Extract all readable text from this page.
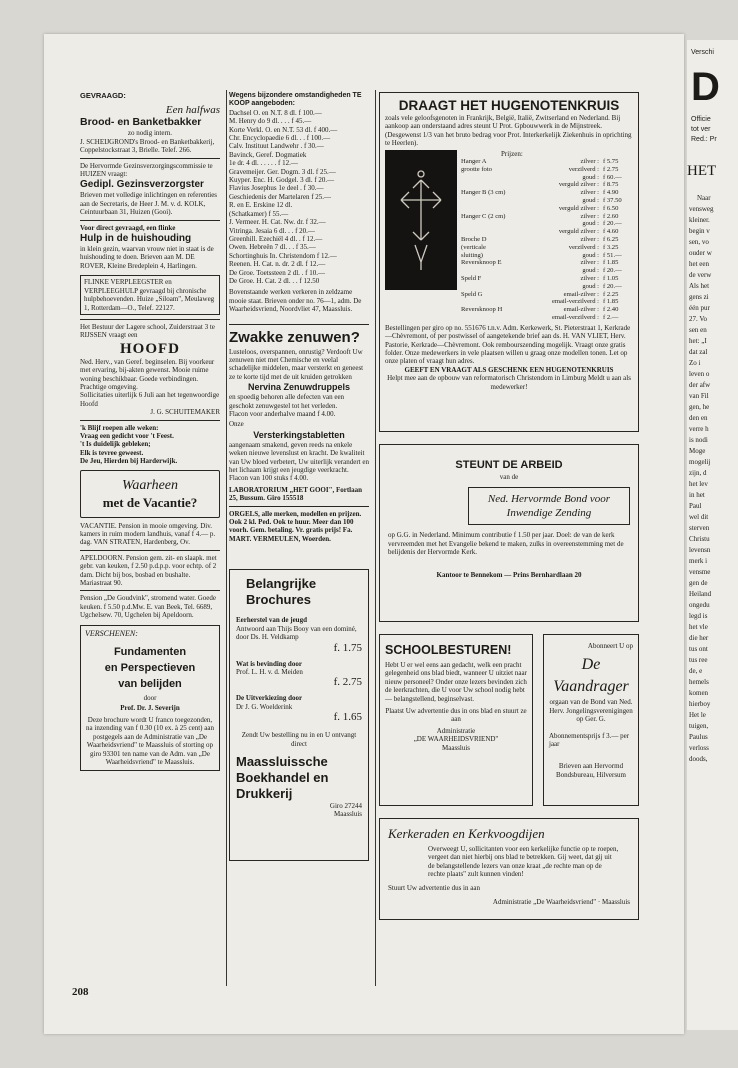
GEVRAAGD:

Een halfwas

Brood- en Banketbakker

zo nodig intern.

J. SCHEIJGROND's Brood- en Banketbakkerij, Coppelstockstraat 3, Brielle. Telef. 266.

De Hervormde Gezinsverzorgingscommissie te HUIZEN vraagt:

Gedipl. Gezinsverzorgster

Brieven met volledige inlichtingen en referenties aan de Secretaris, de Heer J. M. v. d. KOLK, Ceintuurbaan 31, Huizen (Gooi).

Voor direct gevraagd, een flinke

Hulp in de huishouding

in klein gezin, waarvan vrouw niet in staat is de huishouding te doen. Brieven aan M. DE ROVER, Kleine Bredeplein 4, Harlingen.

FLINKE VERPLEEGSTER en VERPLEEGHULP gevraagd bij chronische hulpbehoevenden. Huize „Siloam", Meulaweg 1, Rotterdam—O., Telef. 22127.

Het Bestuur der Lagere school, Zuiderstraat 3 te RIJSSEN vraagt een

HOOFD

Ned. Herv., van Geref. beginselen. Bij voorkeur met ervaring, bij-akten gewenst. Mooie ruime woning beschikbaar. Goede verbindingen. Prachtige omgeving.

Sollicitaties uiterlijk 6 Juli aan het tegenwoordige Hoofd

J. G. SCHUITEMAKER

'k Blijf roepen alle weken:

Vraag een gedicht voor 't Feest.

't Is duidelijk gebleken;

Elk is tevree geweest.

De Jeu, Hierden bij Harderwijk.

Waarheen

met de Vacantie?

VACANTIE. Pension in mooie omgeving. Div. kamers in ruim modern landhuis, vanaf f 4.— p. dag. VAN STRATEN, Hardenberg, Ov.

APELDOORN. Pension gem. zit- en slaapk. met gebr. van keuken, f 2.50 p.d.p.p. voor echtp. of 2 dam. Dicht bij bos, bosbad en bushalte. Mariastraat 90.

Pension „De Goudvink", stromend water. Goede keuken. f 5.50 p.d.Mw. E. van Beek, Tel. 6689, Ugchelsew. 70, Ugchelen bij Apeldoorn.

VERSCHENEN:

Fundamenten

en Perspectieven

van belijden

door

Prof. Dr. J. Severijn

Deze brochure wordt U franco toegezonden, na inzending van f 0.30 (10 ex. à 25 cent) aan postgegels aan de Administratie van „De Waarheidsvriend" te Maassluis of storting op giro 93301 ten name van de Adm. van „De Waarheidsvriend" te Maassluis.

Wegens bijzondere omstandigheden TE KOOP aangeboden:

Dachsel O. en N.T. 8 dl. f 100.—

M. Henry do 9 dl. . . . f 45.—

Korte Verkl. O. en N.T. 53 dl. f 400.—

Chr. Encyclopaedie 6 dl. . . f 100.—

Calv. Instituut Landwehr . f 30.—

Bavinck, Geref. Dogmatiek

1e dr. 4 dl. . . . . . f 12.—

Gravemeijer. Ger. Dogm. 3 dl. f 25.—

Kuyper. Enc. H. Godgel. 3 dl. f 20.—

Flavius Josephus 1e deel . f 30.—

Geschiedenis der Martelaren f 25.—

R. en E. Erskine 12 dl.

(Schatkamer) f 55.—

J. Vermeer. H. Cat. Nw. dr. f 32.—

Vitringa. Jesaia 6 dl. . . f 20.—

Greenhill. Ezechiël 4 dl. . f 12.—

Owen. Hebreën 7 dl. . . f 35.—

Schortinghuis In. Christendom f 12.—

Reenen. H. Cat. n. dr. 2 dl. f 12.—

De Groe. Toetssteen 2 dl. . f 10.—

De Groe. H. Cat. 2 dl. . . f 12.50

Bovenstaande werken verkeren in zeldzame mooie staat. Brieven onder no. 76—1, adm. De Waarheidsvriend, Noordvliet 47, Maassluis.

Zwakke zenuwen?

Lusteloos, overspannen, onrustig? Verdooft Uw zenuwen niet met Chemische en veelal schadelijke middelen, maar versterkt en geneest ze te korte tijd met de uit kruiden getrokken

Nervina Zenuwdruppels

en spoedig behoren alle defecten van een geschokt zenuwgestel tot het verleden.

Flacon voor anderhalve maand f 4.00.

Onze

Versterkingstabletten

aangenaam smakend, geven reeds na enkele weken nieuwe levenslust en kracht. De kwaliteit van Uw bloed verbetert, Uw uiterlijk verandert en het lichaam krijgt een jeugdige veerkracht.

Flacon van 100 stuks f 4.00.

LABORATORIUM „HET GOOI", Fortlaan 25, Bussum. Giro 155518

ORGELS, alle merken, modellen en prijzen. Ook 2 kl. Ped. Ook te huur. Meer dan 100 voorh. Gem. betaling. Vr. gratis prijs! Fa. MART. VERMEULEN, Woerden.

Belangrijke

Brochures

Eerherstel van de jeugd

Antwoord aan Thijs Booy van een dominé, door Ds. H. Veldkamp

f. 1.75

Wat is bevinding door

Prof. L. H. v. d. Meiden

f. 2.75

De Uitverkiezing door

Dr J. G. Woelderink

f. 1.65

Zendt Uw bestelling nu in en U ontvangt direct

Maassluissche

Boekhandel en

Drukkerij

Giro 27244

Maassluis

DRAAGT HET HUGENOTENKRUIS

zoals vele geloofsgenoten in Frankrijk, België, Italië, Zwitserland en Nederland. Bij aankoop aan onderstaand adres steunt U Prot. Gpbouwwerk in de Mijnstreek. (Desgewenst 1/3 van het bruto bedrag voor Prot. Interkerkelijk Ziekenhuis in oprichting te Heerlen).

Prijzen:

Hanger A	zilver : f 5.75
grootte foto	verzilverd : f 2.75
goud : f 60.—
verguld zilver : f 8.75
Hanger B (3 cm)	zilver : f 4.90
goud : f 37.50
verguld zilver : f 6.50
Hanger C (2 cm)	zilver : f 2.60
goud : f 20.—
verguld zilver : f 4.60
Broche D	zilver : f 6.25
(verticale	verzilverd : f 3.25
sluiting)	goud : f 51.—
Reversknoop E	zilver : f 1.85
goud : f 20.—
Speld F	zilver : f 1.05
goud : f 20.—
Speld G	email-zilver : f 2.25
email-verzilverd : f 1.85
Reversknoop H	email-zilver : f 2.40
email-verzilverd : f 2.—

Bestellingen per giro op no. 551676 t.n.v. Adm. Kerkewerk, St. Pieterstraat 1, Kerkrade—Chèvremont, of per postwissel of aangetekende brief aan ds. H. VAN VLIET, Herv. Pastorie, Kerkrade—Chèvremont. Ook rembourszending mogelijk. Vraagt onze gratis folder. Onze medewerkers in vele plaatsen willen u graag onze modellen tonen. Let op onze platen of vraagt hun adres.

GEEFT EN VRAAGT ALS GESCHENK EEN HUGENOTENKRUIS

Helpt mee aan de opbouw van reformatorisch Christendom in Limburg Meldt u aan als medewerker!

STEUNT DE ARBEID

van de

Ned. Hervormde Bond voor Inwendige Zending

op G.G. in Nederland. Minimum contributie f 1.50 per jaar. Doel: de van de kerk vervreemden met het Evangelie bekend te maken, zulks in overeenstemming met de belijdenis der Hervormde Kerk.

Kantoor te Bennekom — Prins Bernhardlaan 20

SCHOOLBESTUREN!

Hebt U er wel eens aan gedacht, welk een pracht gelegenheid ons blad biedt, wanneer U uitziet naar nieuw personeel? Onder onze lezers bevinden zich de leerkrachten, die U voor Uw school nodig hebt — belangstellend, beginselvast.

Plaatst Uw advertentie dus in ons blad en stuurt ze aan

Administratie

„DE WAARHEIDSVRIEND"

Maassluis

Abonneert U op

De Vaandrager

orgaan van de Bond van Ned. Herv. Jongelingsverenigingen op Ger. G.

Abonnementsprijs f 3.— per jaar

Brieven aan Hervormd Bondsbureau, Hilversum

Kerkeraden en Kerkvoogdijen

Overweegt U, sollicitanten voor een kerkelijke functie op te roepen, vergeet dan niet hierbij ons blad te betrekken. Gij weet, dat gij uit de belangstellende lezers van onze kraat „de rechte man op de rechte plaats" zult kunnen vinden!

Stuurt Uw advertentie dus in aan

Administratie „De Waarheidsvriend" · Maassluis

208

Verschi

D

Officie

tot ver

Red.: Pr

HET

Naar

vensweg

kleiner.

begin v

sen, vo

ouder w

het een

de verw

Als het

gens zi

één pur

27. Vo

sen en

het: „I

dat zal

Zo i

leven o

der afw

van Fil

gen, he

den en

verre h

is nodi

Moge

mogelij

zijn, d

het lev

in het

Paul

wel dit

sterven

Christu

levensn

merk i

vensme

gen de

Heiland

ongedu

legd is

het vle

die her

tus ont

tus ree

de, e

hemels

komen

hierboy

Het le

tuigen,

Paulus

verloss

doods,
